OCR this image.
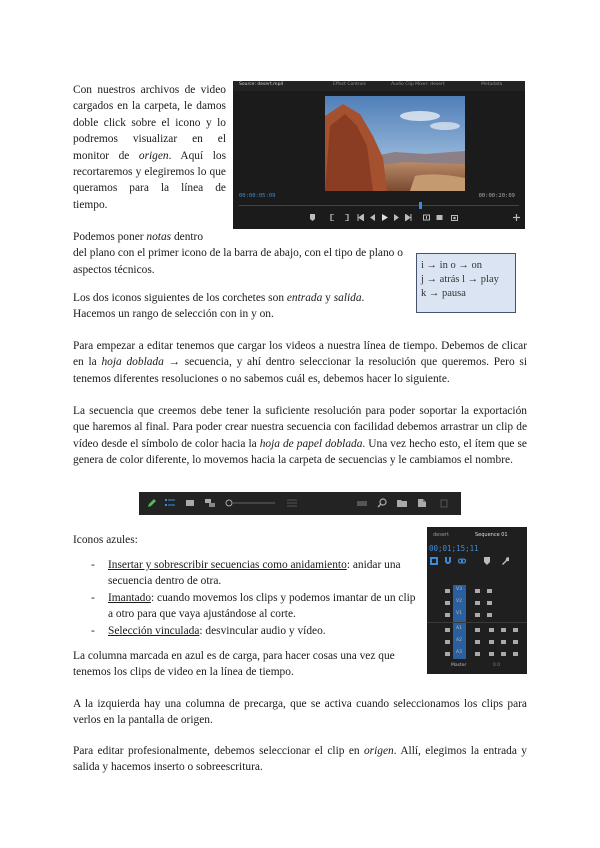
Con nuestros archivos de video cargados en la carpeta, le damos doble click sobre el icono y lo podremos visualizar en el monitor de origen. Aquí los recortaremos y elegiremos lo que queramos para la línea de tiempo.
Source: desert.mp4	Effect Controls	Audio Clip Mixer: desert	Metadata
00:00:05:09	00:00:20:09
Podemos poner notas dentro
del plano con el primer icono de la barra de abajo, con el tipo de plano o aspectos técnicos.	i → in o → on
j → atrás l → play
k → pausa
Los dos iconos siguientes de los corchetes son entrada y salida. Hacemos un rango de selección con in y on.
Para empezar a editar tenemos que cargar los videos a nuestra línea de tiempo. Debemos de clicar en la hoja doblada → secuencia, y ahí dentro seleccionar la resolución que queremos. Pero si tenemos diferentes resoluciones o no sabemos cuál es, debemos hacer lo siguiente.
La secuencia que creemos debe tener la suficiente resolución para poder soportar la exportación que haremos al final. Para poder crear nuestra secuencia con facilidad debemos arrastrar un clip de vídeo desde el símbolo de color hacia la hoja de papel doblada. Una vez hecho esto, el ítem que se genera de color diferente, lo movemos hacia la carpeta de secuencias y le cambiamos el nombre.
Iconos azules:
- Insertar y sobrescribir secuencias como anidamiento: anidar una secuencia dentro de otra.
- Imantado: cuando movemos los clips y podemos imantar de un clip a otro para que vaya ajustándose al corte.
- Selección vinculada: desvincular audio y vídeo.
desert	Sequence 01
00;01;15;11
V3
V2
V1
A1
A2
A3
Master	0.0
La columna marcada en azul es de carga, para hacer cosas una vez que tenemos los clips de video en la línea de tiempo.
A la izquierda hay una columna de precarga, que se activa cuando seleccionamos los clips para verlos en la pantalla de origen.
Para editar profesionalmente, debemos seleccionar el clip en origen. Allí, elegimos la entrada y salida y hacemos inserto o sobreescritura.
